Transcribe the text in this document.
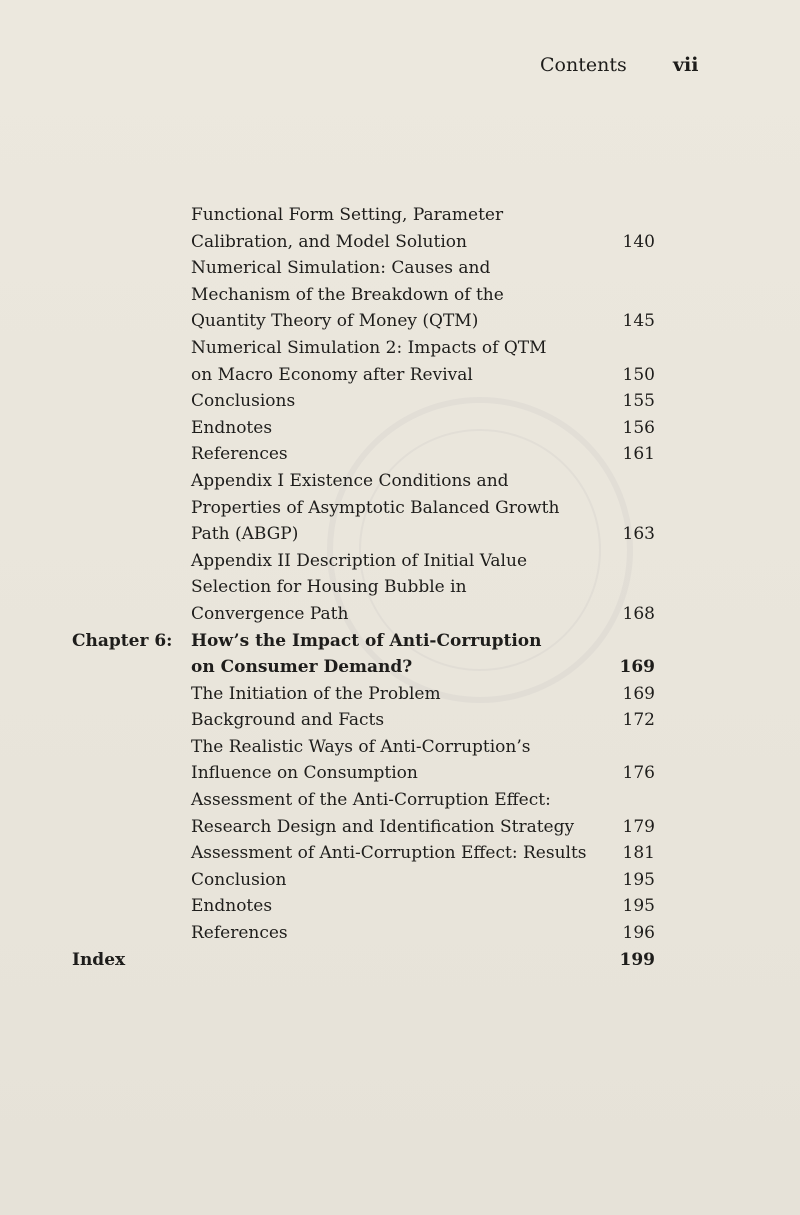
Contents vii
Functional Form Setting, Parameter
Calibration, and Model Solution	140
Numerical Simulation: Causes and
Mechanism of the Breakdown of the
Quantity Theory of Money (QTM)	145
Numerical Simulation 2: Impacts of QTM
on Macro Economy after Revival	150
Conclusions	155
Endnotes	156
References	161
Appendix I Existence Conditions and
Properties of Asymptotic Balanced Growth
Path (ABGP)	163
Appendix II Description of Initial Value
Selection for Housing Bubble in
Convergence Path	168
Chapter 6: How’s the Impact of Anti-Corruption
on Consumer Demand?	169
The Initiation of the Problem	169
Background and Facts	172
The Realistic Ways of Anti-Corruption’s
Influence on Consumption	176
Assessment of the Anti-Corruption Effect:
Research Design and Identification Strategy	179
Assessment of Anti-Corruption Effect: Results 181
Conclusion	195
Endnotes	195
References	196
Index	199
